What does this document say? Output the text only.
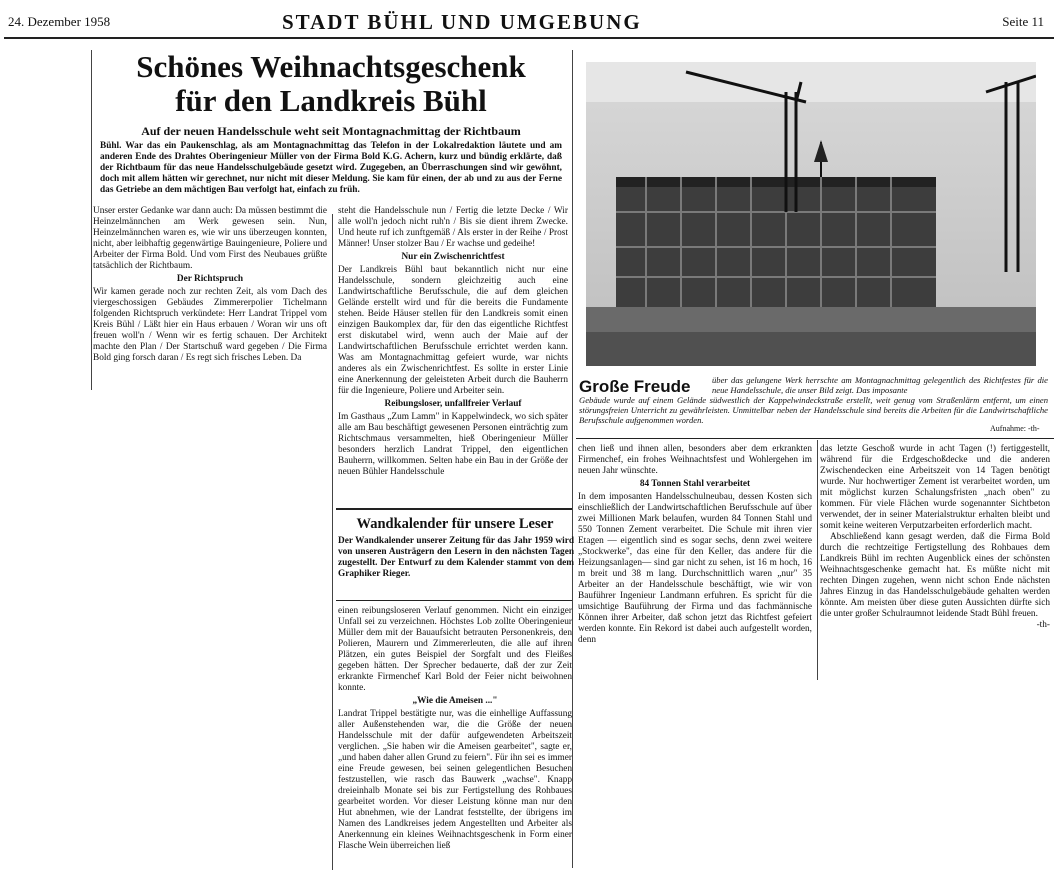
24. Dezember 1958	STADT BÜHL UND UMGEBUNG	Seite 11
Schönes Weihnachtsgeschenk
für den Landkreis Bühl
Auf der neuen Handelsschule weht seit Montagnachmittag der Richtbaum
Bühl. War das ein Paukenschlag, als am Montagnachmittag das Telefon in der Lokalredaktion läutete und am anderen Ende des Drahtes Oberingenieur Müller von der Firma Bold K.G. Achern, kurz und bündig erklärte, daß der Richtbaum für das neue Handelsschulgebäude gesetzt wird. Zugegeben, an Überraschungen sind wir gewöhnt, doch mit allem hätten wir gerechnet, nur nicht mit dieser Meldung. Sie kam für einen, der ab und zu aus der Ferne das Getriebe an dem mächtigen Bau verfolgt hat, einfach zu früh.

Unser erster Gedanke war dann auch: Da müssen bestimmt die Heinzelmännchen am Werk gewesen sein. Nun, Heinzelmännchen waren es, wie wir uns überzeugen konnten, nicht, aber leibhaftig gegenwärtige Bauingenieure, Poliere und Arbeiter der Firma Bold. Und vom First des Neubaues grüßte tatsächlich der Richtbaum.

Der Richtspruch

Wir kamen gerade noch zur rechten Zeit, als vom Dach des viergeschossigen Gebäudes Zimmererpolier Tichelmann folgenden Richtspruch verkündete: Herr Landrat Trippel vom Kreis Bühl / Läßt hier ein Haus erbauen / Woran wir uns oft freuen woll'n / Wenn wir es fertig schauen. Der Architekt machte den Plan / Der Startschuß ward gegeben / Die Firma Bold ging forsch daran / Es regt sich frisches Leben. Da

steht die Handelsschule nun / Fertig die letzte Decke / Wir alle woll'n jedoch nicht ruh'n / Bis sie dient ihrem Zwecke. Und heute ruf ich zunftgemäß / Als erster in der Reihe / Prost Männer! Unser stolzer Bau / Er wachse und gedeihe!

Nur ein Zwischenrichtfest

Der Landkreis Bühl baut bekanntlich nicht nur eine Handelsschule, sondern gleichzeitig auch eine Landwirtschaftliche Berufsschule, die auf dem gleichen Gelände erstellt wird und für die bereits die Fundamente stehen. Beide Häuser stellen für den Landkreis somit einen einzigen Baukomplex dar, für den das eigentliche Richtfest erst diskutabel wird, wenn auch der Maie auf der Landwirtschaftlichen Berufsschule errichtet werden kann. Was am Montagnachmittag gefeiert wurde, war nichts anderes als ein Zwischenrichtfest. Es sollte in erster Linie eine Anerkennung der geleisteten Arbeit durch die Bauherrn für die Ingenieure, Poliere und Arbeiter sein.

Reibungsloser, unfallfreier Verlauf

Im Gasthaus „Zum Lamm" in Kappelwindeck, wo sich später alle am Bau beschäftigt gewesenen Personen einträchtig zum Richtschmaus versammelten, hieß Oberingenieur Müller besonders herzlich Landrat Trippel, den eigentlichen Bauherrn, willkommen. Selten habe ein Bau in der Größe der neuen Bühler Handelsschule

Wandkalender für unsere Leser
Der Wandkalender unserer Zeitung für das Jahr 1959 wird von unseren Austrägern den Lesern in den nächsten Tagen zugestellt. Der Entwurf zu dem Kalender stammt von dem Graphiker Rieger.

einen reibungsloseren Verlauf genommen. Nicht ein einziger Unfall sei zu verzeichnen. Höchstes Lob zollte Oberingenieur Müller dem mit der Bauaufsicht betrauten Personenkreis, den Polieren, Maurern und Zimmererleuten, die alle auf ihren Plätzen, ein gutes Beispiel der Sorgfalt und des Fleißes gegeben hätten. Der Sprecher bedauerte, daß der zur Zeit erkrankte Firmenchef Karl Bold der Feier nicht beiwohnen konnte.

„Wie die Ameisen ..."

Landrat Trippel bestätigte nur, was die einhellige Auffassung aller Außenstehenden war, die die Größe der neuen Handelsschule mit der dafür aufgewendeten Arbeitszeit verglichen. „Sie haben wir die Ameisen gearbeitet", sagte er, „und haben daher allen Grund zu feiern". Für ihn sei es immer eine Freude gewesen, bei seinen gelegentlichen Besuchen festzustellen, wie rasch das Bauwerk „wachse". Knapp dreieinhalb Monate sei bis zur Fertigstellung des Rohbaues gearbeitet worden. Vor dieser Leistung könne man nur den Hut abnehmen, wie der Landrat feststellte, der übrigens im Namen des Landkreises jedem Angestellten und Arbeiter als Anerkennung ein kleines Weihnachtsgeschenk in Form einer Flasche Wein überreichen ließ

Große Freude	über das gelungene Werk herrschte am Montagnachmittag gelegentlich des Richtfestes für die neue Handelsschule, die unser Bild zeigt. Das imposante
Gebäude wurde auf einem Gelände südwestlich der Kappelwindeckstraße erstellt, weit genug vom Straßenlärm entfernt, um einen störungsfreien Unterricht zu gewährleisten. Unmittelbar neben der Handelsschule sind bereits die Arbeiten für die Landwirtschaftliche Berufsschule aufgenommen worden.
Aufnahme: -th-

chen ließ und ihnen allen, besonders aber dem erkrankten Firmenchef, ein frohes Weihnachtsfest und Wohlergehen im neuen Jahr wünschte.

84 Tonnen Stahl verarbeitet

In dem imposanten Handelsschulneubau, dessen Kosten sich einschließlich der Landwirtschaftlichen Berufsschule auf über zwei Millionen Mark belaufen, wurden 84 Tonnen Stahl und 550 Tonnen Zement verarbeitet. Die Schule mit ihren vier Etagen — eigentlich sind es sogar sechs, denn zwei weitere „Stockwerke", das eine für den Keller, das andere für die Heizungsanlagen— sind gar nicht zu sehen, ist 16 m hoch, 16 m breit und 38 m lang. Durchschnittlich waren „nur" 35 Arbeiter an der Handelsschule beschäftigt, wie wir von Bauführer Ingenieur Landmann erfuhren. Es spricht für die umsichtige Bauführung der Firma und das fachmännische Können ihrer Arbeiter, daß schon jetzt das Richtfest gefeiert werden konnte. Ein Rekord ist dabei auch aufgestellt worden, denn

das letzte Geschoß wurde in acht Tagen (!) fertiggestellt, während für die Erdgeschoßdecke und die anderen Zwischendecken eine Arbeitszeit von 14 Tagen benötigt wurde. Nur hochwertiger Zement ist verarbeitet worden, um mit möglichst kurzen Schalungsfristen „nach oben" zu kommen. Für viele Flächen wurde sogenannter Sichtbeton verwendet, der in seiner Materialstruktur erhalten bleibt und somit keine weiteren Verputzarbeiten erforderlich macht.

Abschließend kann gesagt werden, daß die Firma Bold durch die rechtzeitige Fertigstellung des Rohbaues dem Landkreis Bühl im rechten Augenblick eines der schönsten Weihnachtsgeschenke gemacht hat. Es müßte nicht mit rechten Dingen zugehen, wenn nicht schon Ende nächsten Jahres Einzug in das Handelsschulgebäude gehalten werden könnte. Am meisten über diese guten Aussichten dürfte sich die unter großer Schulraumnot leidende Stadt Bühl freuen.

-th-
